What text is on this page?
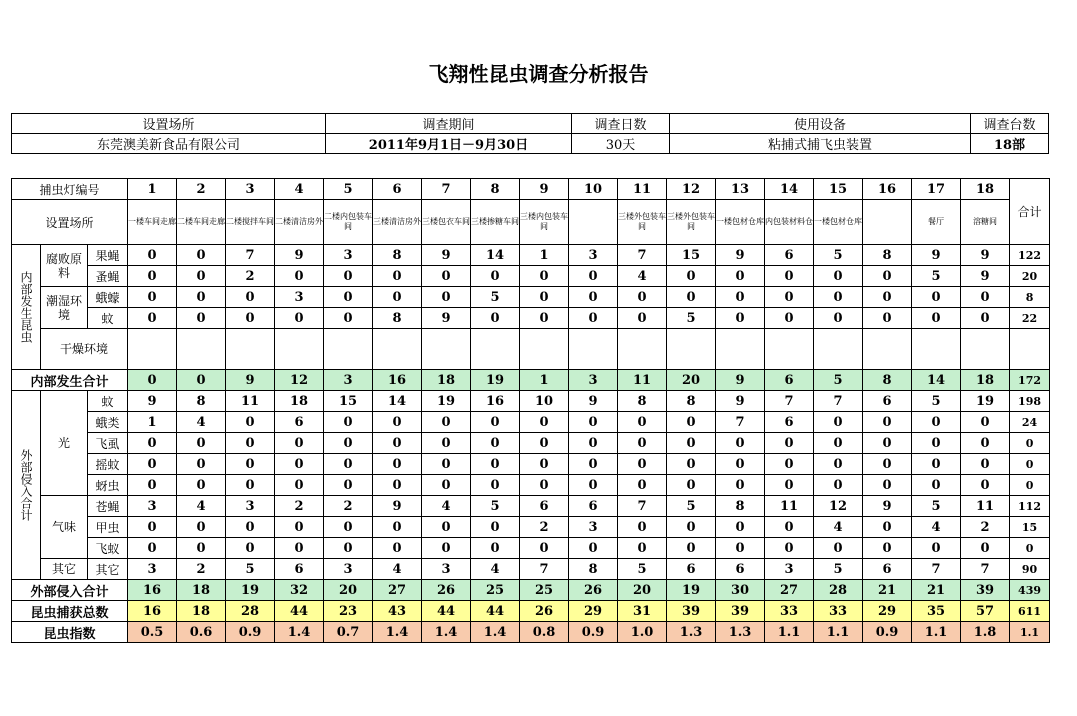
飞翔性昆虫调查分析报告
设置场所	调查期间	调查日数	使用设备	调查台数
东莞澳美新食品有限公司	2011年9月1日－9月30日	30天	粘捕式捕飞虫装置	18部
捕虫灯编号			1	2	3	4	5	6	7	8	9	10	11	12	13	14	15	16	17	18	合计
设置场所			一楼车间走廊	二楼车间走廊	二楼搅拌车间	二楼清洁房外	二楼内包装车间	三楼清洁房外	三楼包衣车间	三楼掺糖车间	三楼内包装车间		三楼外包装车间	三楼外包装车间	一楼包材仓库	内包装材料仓	一楼包材仓库		餐厅	溶糖间	
内部发生昆虫	腐败原料	果蝇	0	0	7	9	3	8	9	14	1	3	7	15	9	6	5	8	9	9	122
		蚤蝇	0	0	2	0	0	0	0	0	0	0	4	0	0	0	0	0	5	9	20
	潮湿环境	蛾蠓	0	0	0	3	0	0	0	5	0	0	0	0	0	0	0	0	0	0	8
		蚊	0	0	0	0	0	8	9	0	0	0	0	5	0	0	0	0	0	0	22
	干燥环境																				
内部发生合计			0	0	9	12	3	16	18	19	1	3	11	20	9	6	5	8	14	18	172
外部侵入合计	光	蚊	9	8	11	18	15	14	19	16	10	9	8	8	9	7	7	6	5	19	198
		蛾类	1	4	0	6	0	0	0	0	0	0	0	0	7	6	0	0	0	0	24
		飞虱	0	0	0	0	0	0	0	0	0	0	0	0	0	0	0	0	0	0	0
		摇蚊	0	0	0	0	0	0	0	0	0	0	0	0	0	0	0	0	0	0	0
		蚜虫	0	0	0	0	0	0	0	0	0	0	0	0	0	0	0	0	0	0	0
	气味	苍蝇	3	4	3	2	2	9	4	5	6	6	7	5	8	11	12	9	5	11	112
		甲虫	0	0	0	0	0	0	0	0	2	3	0	0	0	0	4	0	4	2	15
		飞蚁	0	0	0	0	0	0	0	0	0	0	0	0	0	0	0	0	0	0	0
	其它	其它	3	2	5	6	3	4	3	4	7	8	5	6	6	3	5	6	7	7	90
外部侵入合计			16	18	19	32	20	27	26	25	25	26	20	19	30	27	28	21	21	39	439
昆虫捕获总数			16	18	28	44	23	43	44	44	26	29	31	39	39	33	33	29	35	57	611
昆虫指数			0.5	0.6	0.9	1.4	0.7	1.4	1.4	1.4	0.8	0.9	1.0	1.3	1.3	1.1	1.1	0.9	1.1	1.8	1.1
